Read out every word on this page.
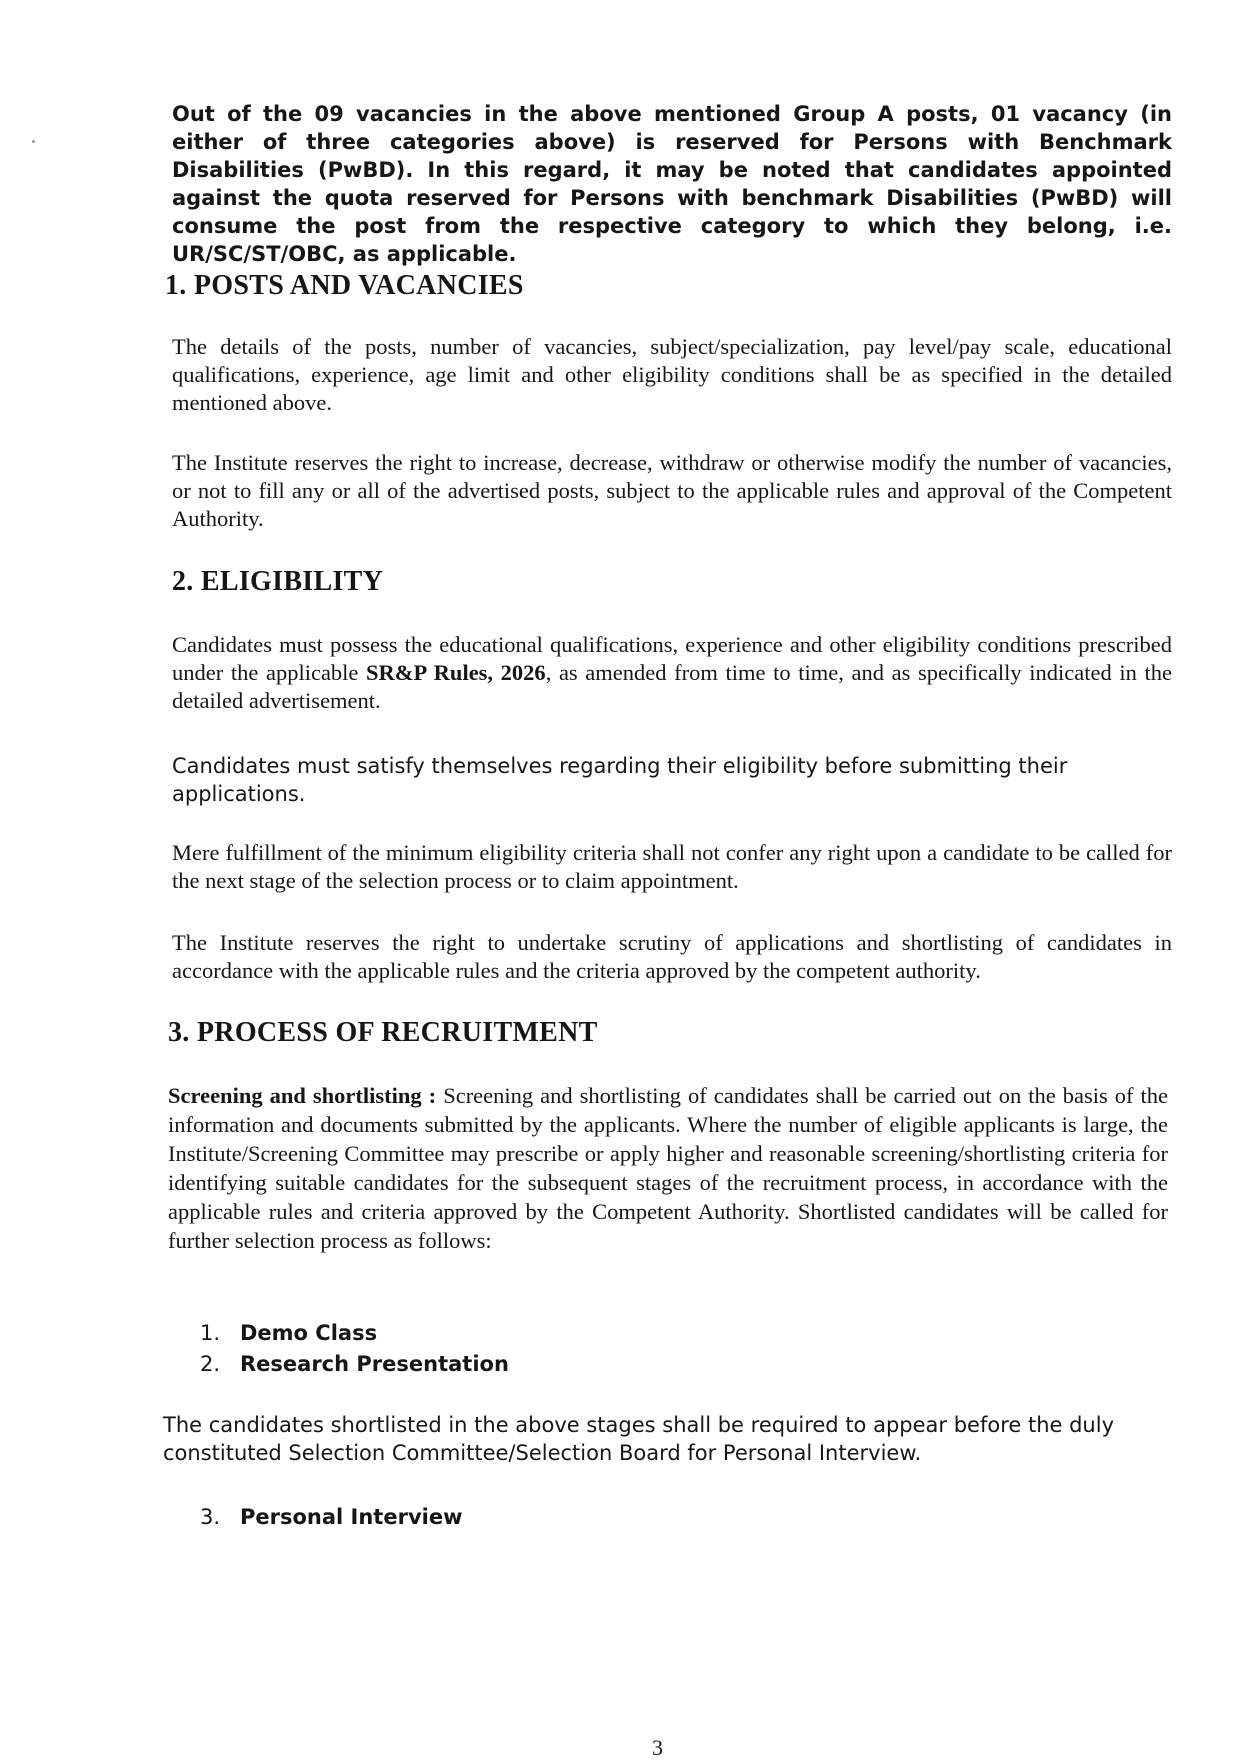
Out of the 09 vacancies in the above mentioned Group A posts, 01 vacancy (in either of three categories above) is reserved for Persons with Benchmark Disabilities (PwBD). In this regard, it may be noted that candidates appointed against the quota reserved for Persons with benchmark Disabilities (PwBD) will consume the post from the respective category to which they belong, i.e. UR/SC/ST/OBC, as applicable.

1. POSTS AND VACANCIES

The details of the posts, number of vacancies, subject/specialization, pay level/pay scale, educational qualifications, experience, age limit and other eligibility conditions shall be as specified in the detailed mentioned above.

The Institute reserves the right to increase, decrease, withdraw or otherwise modify the number of vacancies, or not to fill any or all of the advertised posts, subject to the applicable rules and approval of the Competent Authority.

2. ELIGIBILITY

Candidates must possess the educational qualifications, experience and other eligibility conditions prescribed under the applicable SR&P Rules, 2026, as amended from time to time, and as specifically indicated in the detailed advertisement.

Candidates must satisfy themselves regarding their eligibility before submitting their applications.

Mere fulfillment of the minimum eligibility criteria shall not confer any right upon a candidate to be called for the next stage of the selection process or to claim appointment.

The Institute reserves the right to undertake scrutiny of applications and shortlisting of candidates in accordance with the applicable rules and the criteria approved by the competent authority.

3. PROCESS OF RECRUITMENT

Screening and shortlisting : Screening and shortlisting of candidates shall be carried out on the basis of the information and documents submitted by the applicants. Where the number of eligible applicants is large, the Institute/Screening Committee may prescribe or apply higher and reasonable screening/shortlisting criteria for identifying suitable candidates for the subsequent stages of the recruitment process, in accordance with the applicable rules and criteria approved by the Competent Authority. Shortlisted candidates will be called for further selection process as follows:

1. Demo Class
2. Research Presentation

The candidates shortlisted in the above stages shall be required to appear before the duly constituted Selection Committee/Selection Board for Personal Interview.

3. Personal Interview
3
